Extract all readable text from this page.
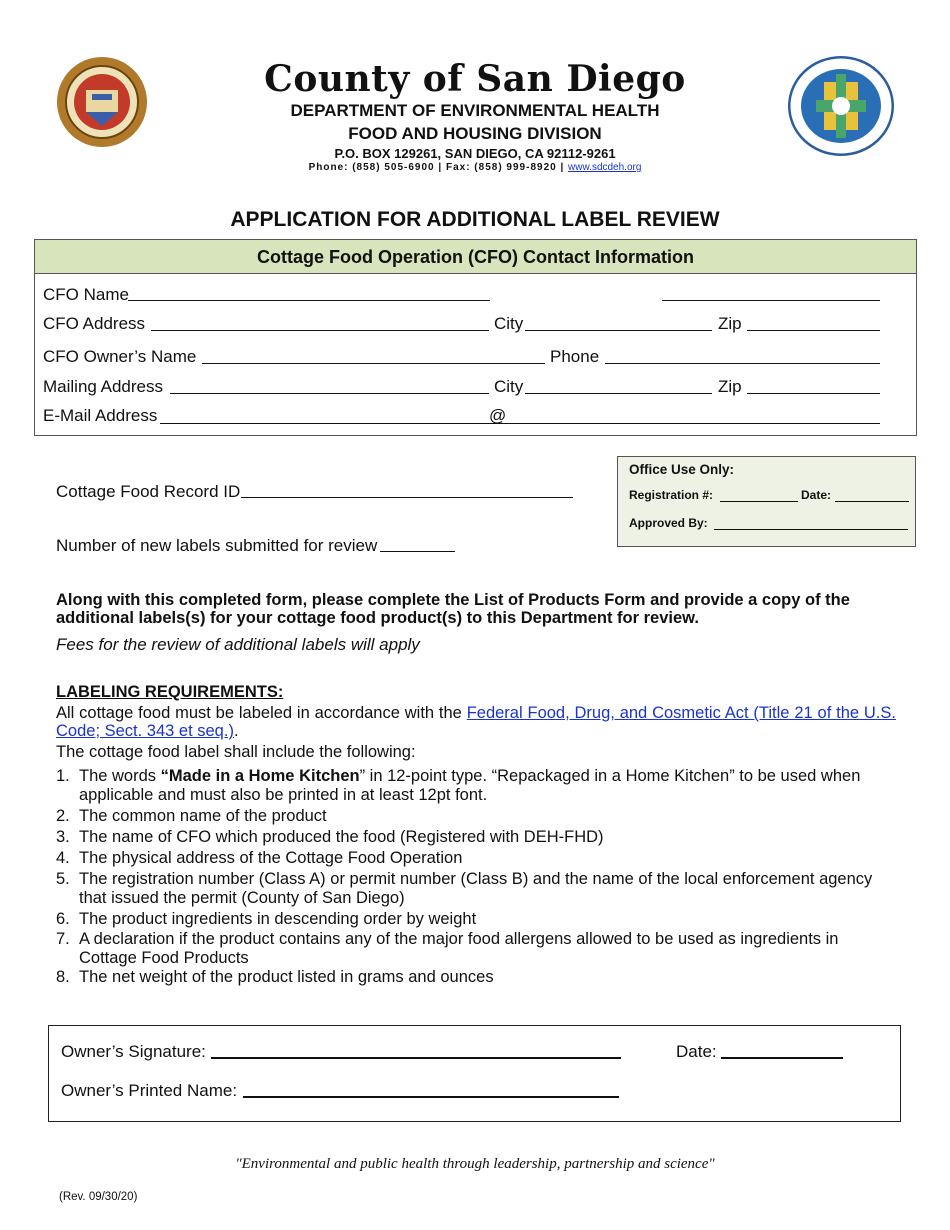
County of San Diego
DEPARTMENT OF ENVIRONMENTAL HEALTH
FOOD AND HOUSING DIVISION
P.O. BOX 129261, SAN DIEGO, CA 92112-9261
Phone: (858) 505-6900 | Fax: (858) 999-8920 | www.sdcdeh.org
APPLICATION FOR ADDITIONAL LABEL REVIEW
Cottage Food Operation (CFO) Contact Information
CFO Name
CFO Address	City	Zip
CFO Owner’s Name	Phone
Mailing Address	City	Zip
E-Mail Address	@
Cottage Food Record ID
Number of new labels submitted for review
Office Use Only:
Registration #:	Date:
Approved By:
Along with this completed form, please complete the List of Products Form and provide a copy of the additional labels(s) for your cottage food product(s) to this Department for review.
Fees for the review of additional labels will apply
LABELING REQUIREMENTS:
All cottage food must be labeled in accordance with the Federal Food, Drug, and Cosmetic Act (Title 21 of the U.S. Code; Sect. 343 et seq.).
The cottage food label shall include the following:
1. The words “Made in a Home Kitchen” in 12-point type. “Repackaged in a Home Kitchen” to be used when applicable and must also be printed in at least 12pt font.
2. The common name of the product
3. The name of CFO which produced the food (Registered with DEH-FHD)
4. The physical address of the Cottage Food Operation
5. The registration number (Class A) or permit number (Class B) and the name of the local enforcement agency that issued the permit (County of San Diego)
6. The product ingredients in descending order by weight
7. A declaration if the product contains any of the major food allergens allowed to be used as ingredients in Cottage Food Products
8. The net weight of the product listed in grams and ounces
Owner’s Signature:	Date:
Owner’s Printed Name:
"Environmental and public health through leadership, partnership and science"
(Rev. 09/30/20)
